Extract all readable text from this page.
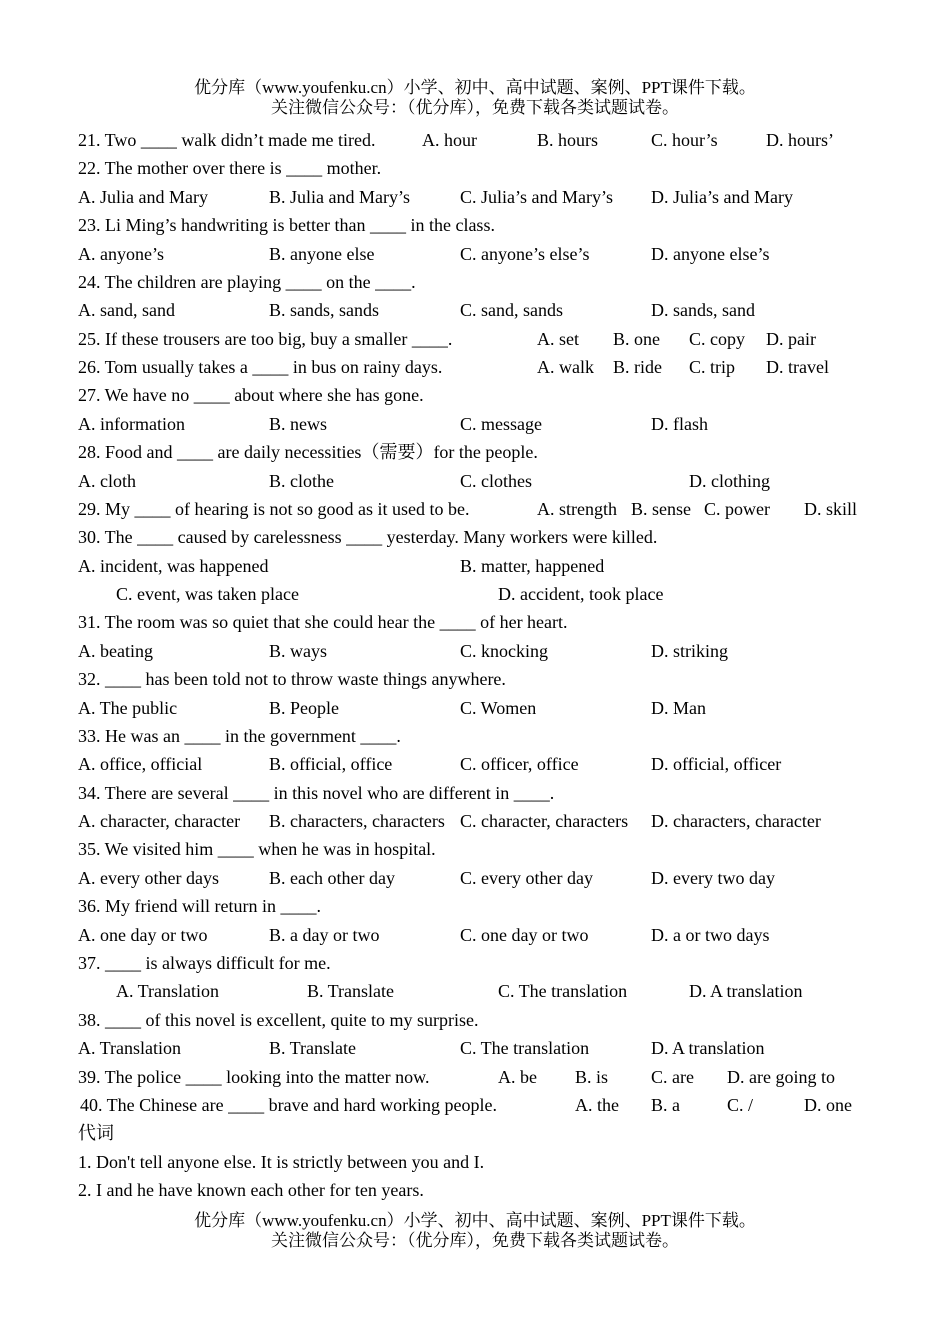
优分库（www.youfenku.cn）小学、初中、高中试题、案例、PPT课件下载。
关注微信公众号：（优分库），免费下载各类试题试卷。
21. Two ____ walk didn’t made me tired.	A. hour	B. hours	C. hour’s	D. hours’
22. The mother over there is ____ mother.
A. Julia and Mary	B. Julia and Mary’s	C. Julia’s and Mary’s D. Julia’s and Mary
23. Li Ming’s handwriting is better than ____ in the class.
A. anyone’s	B. anyone else	C. anyone’s else’s	D. anyone else’s
24. The children are playing ____ on the ____.
A. sand, sand	B. sands, sands	C. sand, sands	D. sands, sand
25. If these trousers are too big, buy a smaller ____.	A. set B. one C. copy D. pair
26. Tom usually takes a ____ in bus on rainy days.	A. walk B. ride C. trip D. travel
27. We have no ____ about where she has gone.
A. information	B. news	C. message	D. flash
28. Food and ____ are daily necessities（需要）for the people.
A. cloth	B. clothe	C. clothes	D. clothing
29. My ____ of hearing is not so good as it used to be.	A. strength B. sense C. power D. skill
30. The ____ caused by carelessness ____ yesterday. Many workers were killed.
A. incident, was happened	B. matter, happened
C. event, was taken place	D. accident, took place
31. The room was so quiet that she could hear the ____ of her heart.
A. beating	B. ways	C. knocking	D. striking
32. ____ has been told not to throw waste things anywhere.
A. The public	B. People	C. Women	D. Man
33. He was an ____ in the government ____.
A. office, official	B. official, office	C. officer, office	D. official, officer
34. There are several ____ in this novel who are different in ____.
A. character, character B. characters, characters C. character, characters D. characters, character
35. We visited him ____ when he was in hospital.
A. every other days	B. each other day	C. every other day	D. every two day
36. My friend will return in ____.
A. one day or two	B. a day or two	C. one day or two	D. a or two days
37. ____ is always difficult for me.
A. Translation	B. Translate	C. The translation	D. A translation
38. ____ of this novel is excellent, quite to my surprise.
A. Translation	B. Translate	C. The translation	D. A translation
39. The police ____ looking into the matter now.	A. be B. is C. are D. are going to
40. The Chinese are ____ brave and hard working people.	A. the B. a	C. /	D. one
代词
1. Don't tell anyone else. It is strictly between you and I.
2. I and he have known each other for ten years.
优分库（www.youfenku.cn）小学、初中、高中试题、案例、PPT课件下载。
关注微信公众号：（优分库），免费下载各类试题试卷。
